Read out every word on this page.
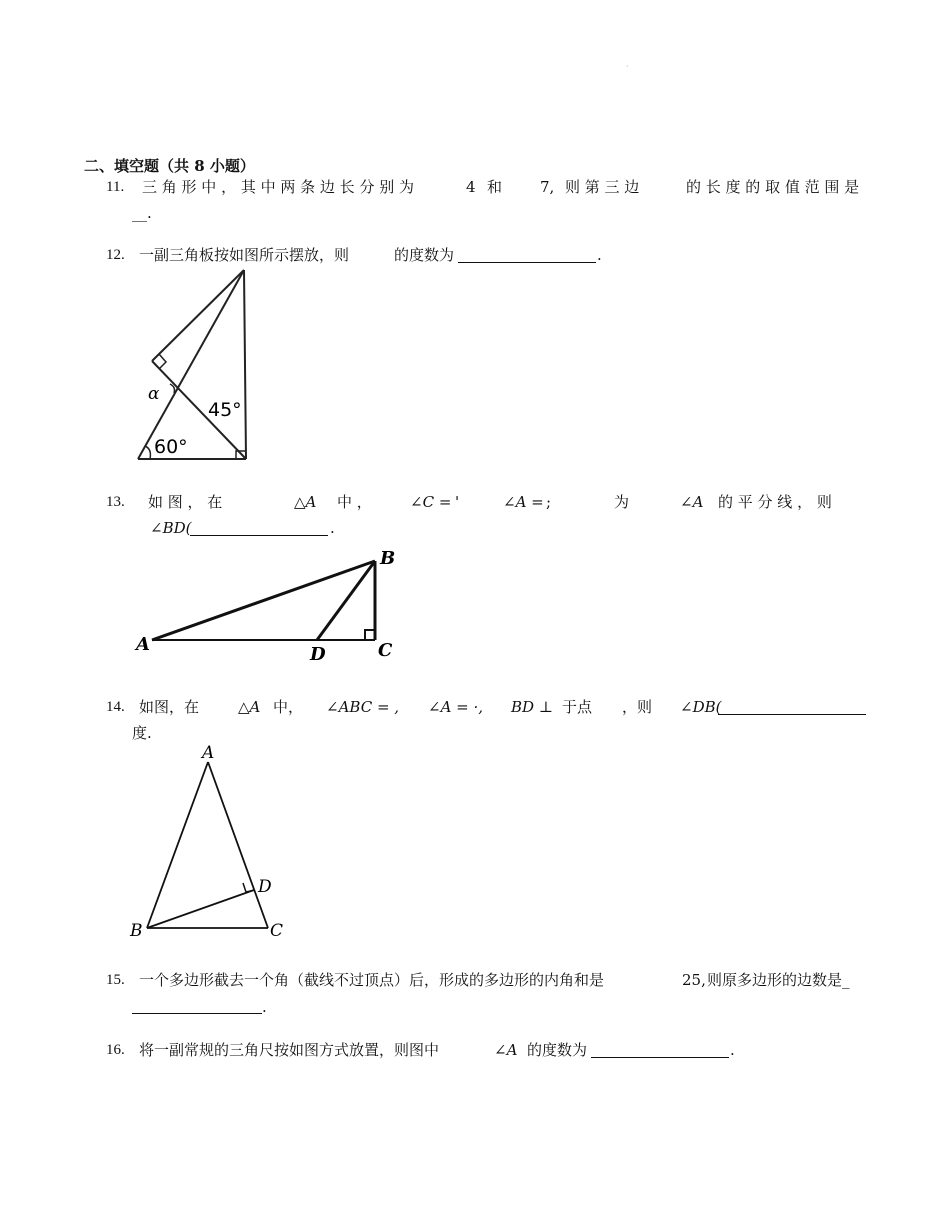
·
二、填空题（共 8 小题）
11. 三 角 形 中 ， 其 中 两 条 边 长 分 别 为	4 和	7, 则 第 三 边	的 长 度 的 取 值 范 围 是
__.
12. 一副三角板按如图所示摆放，则	的度数为	.
α
45°
60°
13. 如 图 ， 在	△A 中 ，	∠C = '	∠A = ;	为	∠A 的 平 分 线 ， 则
∠BD(	.
A
B
C
D
14. 如图，在	△A 中， ∠ABC = , ∠A = ·, BD ⊥ 于点 ，则 ∠DB(
度.
A
B	C
D
15. 一个多边形截去一个角（截线不过顶点）后，形成的多边形的内角和是	25, 则原多边形的边数是_
.
16. 将一副常规的三角尺按如图方式放置，则图中	∠A 的度数为	.
